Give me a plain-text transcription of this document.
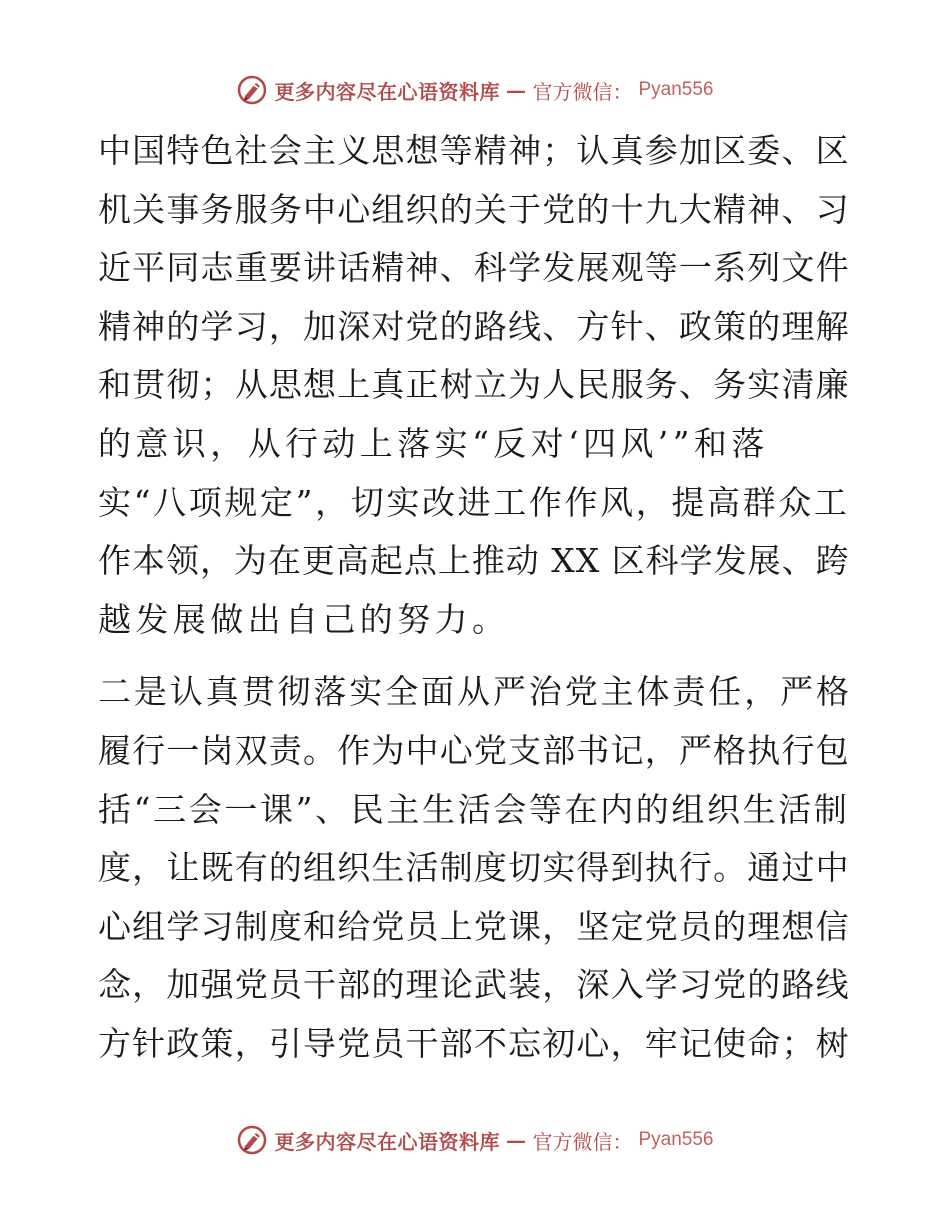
更多内容尽在心语资料库 — 官方微信： Pyan556

中国特色社会主义思想等精神；认真参加区委、区
机关事务服务中心组织的关于党的十九大精神、习
近平同志重要讲话精神、科学发展观等一系列文件
精神的学习，加深对党的路线、方针、政策的理解
和贯彻；从思想上真正树立为人民服务、务实清廉
的意识，从行动上落实“反对‘四风’”和落
实“八项规定”，切实改进工作作风，提高群众工
作本领，为在更高起点上推动 XX 区科学发展、跨
越发展做出自己的努力。

二是认真贯彻落实全面从严治党主体责任，严格
履行一岗双责。作为中心党支部书记，严格执行包
括“三会一课”、民主生活会等在内的组织生活制
度，让既有的组织生活制度切实得到执行。通过中
心组学习制度和给党员上党课，坚定党员的理想信
念，加强党员干部的理论武装，深入学习党的路线
方针政策，引导党员干部不忘初心，牢记使命；树

更多内容尽在心语资料库 — 官方微信： Pyan556
